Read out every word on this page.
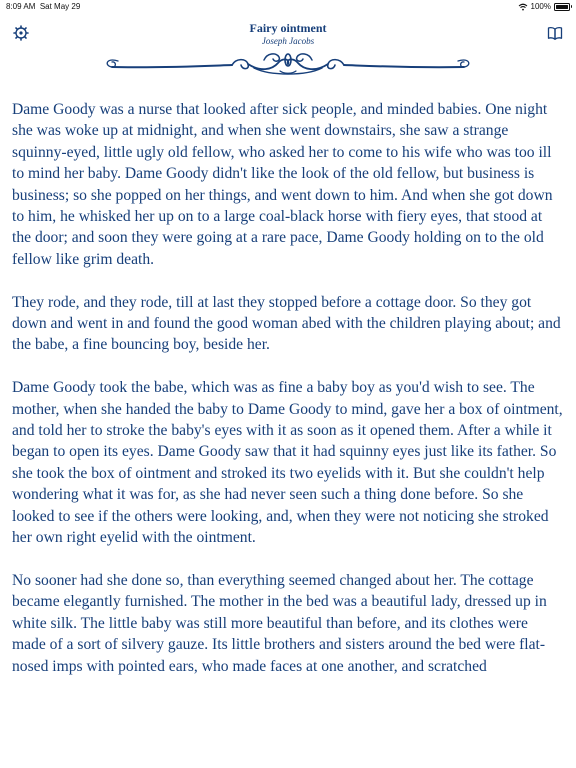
8:09 AM Sat May 29	100%
Fairy ointment
Joseph Jacobs

Dame Goody was a nurse that looked after sick people, and minded babies. One night she was woke up at midnight, and when she went downstairs, she saw a strange squinny-eyed, little ugly old fellow, who asked her to come to his wife who was too ill to mind her baby. Dame Goody didn't like the look of the old fellow, but business is business; so she popped on her things, and went down to him. And when she got down to him, he whisked her up on to a large coal-black horse with fiery eyes, that stood at the door; and soon they were going at a rare pace, Dame Goody holding on to the old fellow like grim death.

They rode, and they rode, till at last they stopped before a cottage door. So they got down and went in and found the good woman abed with the children playing about; and the babe, a fine bouncing boy, beside her.

Dame Goody took the babe, which was as fine a baby boy as you'd wish to see. The mother, when she handed the baby to Dame Goody to mind, gave her a box of ointment, and told her to stroke the baby's eyes with it as soon as it opened them. After a while it began to open its eyes. Dame Goody saw that it had squinny eyes just like its father. So she took the box of ointment and stroked its two eyelids with it. But she couldn't help wondering what it was for, as she had never seen such a thing done before. So she looked to see if the others were looking, and, when they were not noticing she stroked her own right eyelid with the ointment.

No sooner had she done so, than everything seemed changed about her. The cottage became elegantly furnished. The mother in the bed was a beautiful lady, dressed up in white silk. The little baby was still more beautiful than before, and its clothes were made of a sort of silvery gauze. Its little brothers and sisters around the bed were flat-nosed imps with pointed ears, who made faces at one another, and scratched
